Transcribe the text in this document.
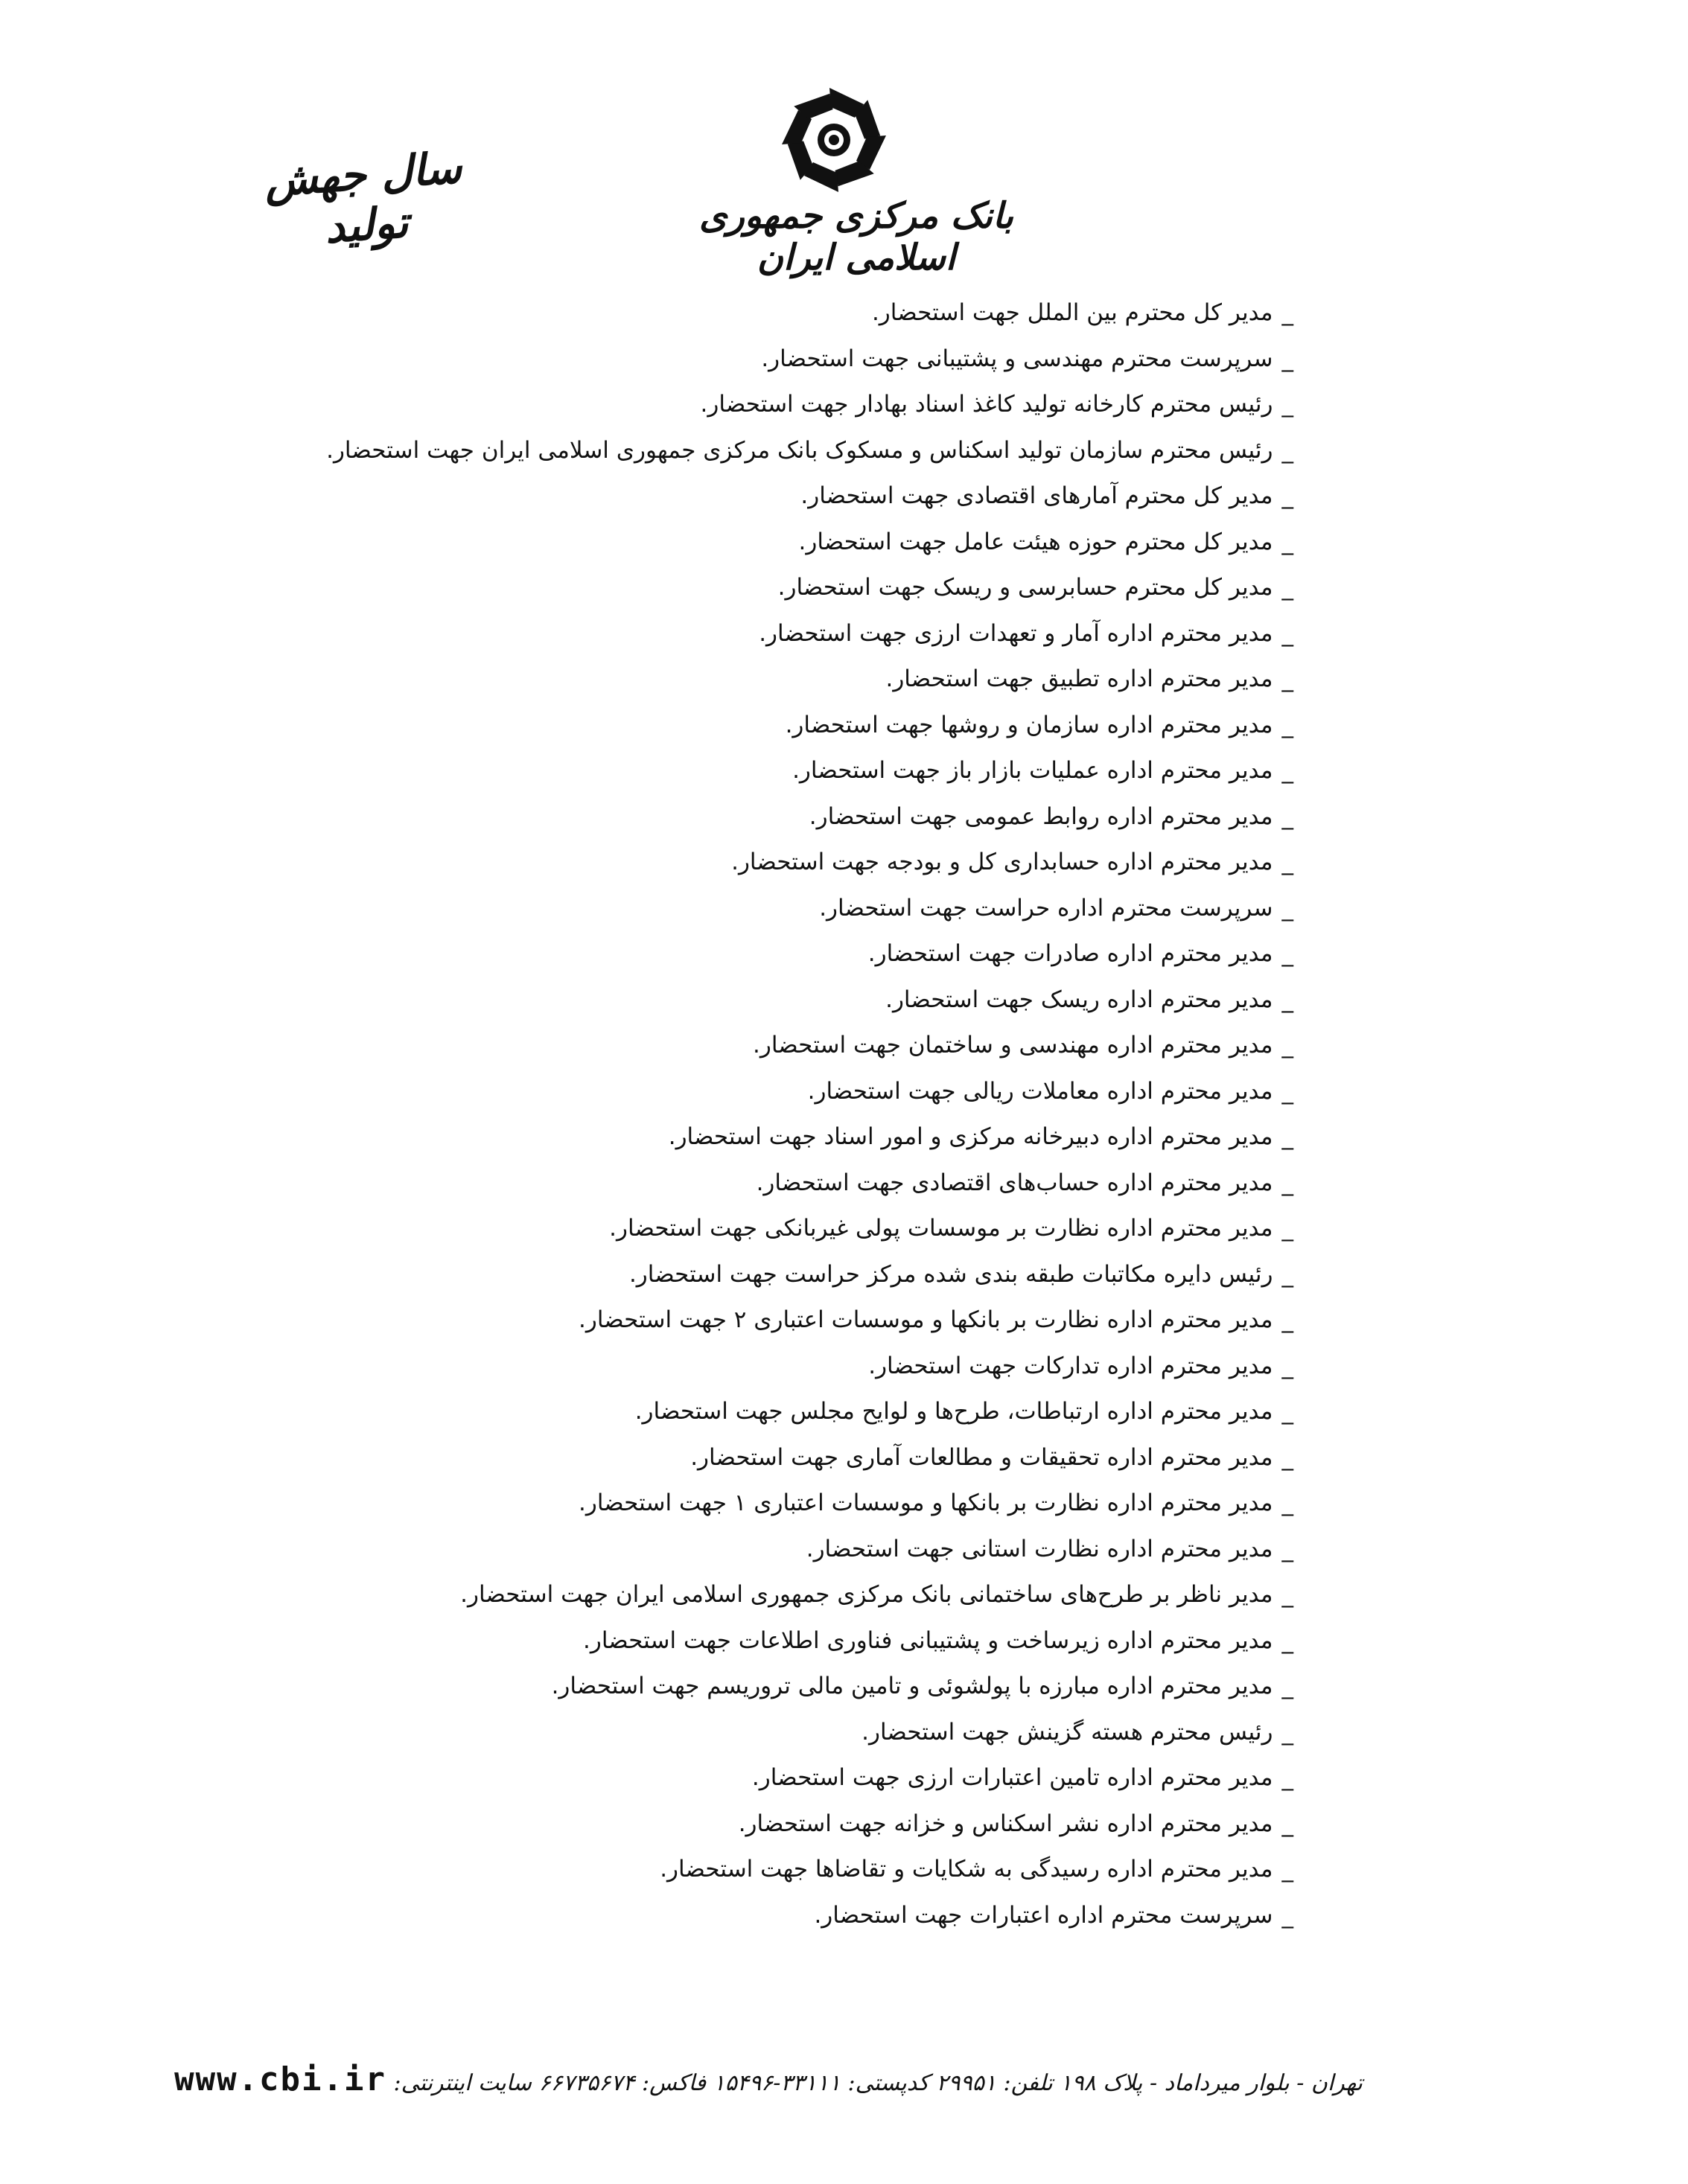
بانک مرکزی جمهوری اسلامی ایران
سال جهش تولید
_مدیر کل محترم بین الملل جهت استحضار.
_سرپرست محترم مهندسی و پشتیبانی جهت استحضار.
_رئیس محترم کارخانه تولید کاغذ اسناد بهادار جهت استحضار.
_رئیس محترم سازمان تولید اسکناس و مسکوک بانک مرکزی جمهوری اسلامی ایران جهت استحضار.
_مدیر کل محترم آمارهای اقتصادی جهت استحضار.
_مدیر کل محترم حوزه هیئت عامل جهت استحضار.
_مدیر کل محترم حسابرسی و ریسک جهت استحضار.
_مدیر محترم اداره آمار و تعهدات ارزی جهت استحضار.
_مدیر محترم اداره تطبیق جهت استحضار.
_مدیر محترم اداره سازمان و روشها جهت استحضار.
_مدیر محترم اداره عملیات بازار باز جهت استحضار.
_مدیر محترم اداره روابط عمومی جهت استحضار.
_مدیر محترم اداره حسابداری کل و بودجه جهت استحضار.
_سرپرست محترم اداره حراست جهت استحضار.
_مدیر محترم اداره صادرات جهت استحضار.
_مدیر محترم اداره ریسک جهت استحضار.
_مدیر محترم اداره مهندسی و ساختمان جهت استحضار.
_مدیر محترم اداره معاملات ریالی جهت استحضار.
_مدیر محترم اداره دبیرخانه مرکزی و امور اسناد جهت استحضار.
_مدیر محترم اداره حساب‌های اقتصادی جهت استحضار.
_مدیر محترم اداره نظارت بر موسسات پولی غیربانکی جهت استحضار.
_رئیس دایره مکاتبات طبقه بندی شده مرکز حراست جهت استحضار.
_مدیر محترم اداره نظارت بر بانکها و موسسات اعتباری ۲ جهت استحضار.
_مدیر محترم اداره تدارکات جهت استحضار.
_مدیر محترم اداره ارتباطات، طرح‌ها و لوایح مجلس جهت استحضار.
_مدیر محترم اداره تحقیقات و مطالعات آماری جهت استحضار.
_مدیر محترم اداره نظارت بر بانکها و موسسات اعتباری ۱ جهت استحضار.
_مدیر محترم اداره نظارت استانی جهت استحضار.
_مدیر ناظر بر طرح‌های ساختمانی بانک مرکزی جمهوری اسلامی ایران جهت استحضار.
_مدیر محترم اداره زیرساخت و پشتیبانی فناوری اطلاعات جهت استحضار.
_مدیر محترم اداره مبارزه با پولشوئی و تامین مالی تروریسم جهت استحضار.
_رئیس محترم هسته گزینش جهت استحضار.
_مدیر محترم اداره تامین اعتبارات ارزی جهت استحضار.
_مدیر محترم اداره نشر اسکناس و خزانه جهت استحضار.
_مدیر محترم اداره رسیدگی به شکایات و تقاضاها جهت استحضار.
_سرپرست محترم اداره اعتبارات جهت استحضار.
تهران - بلوار میرداماد - پلاک ۱۹۸ تلفن: ۲۹۹۵۱ کدپستی: ۳۳۱۱۱-۱۵۴۹۶ فاکس: ۶۶۷۳۵۶۷۴ سایت اینترنتی: www.cbi.ir
